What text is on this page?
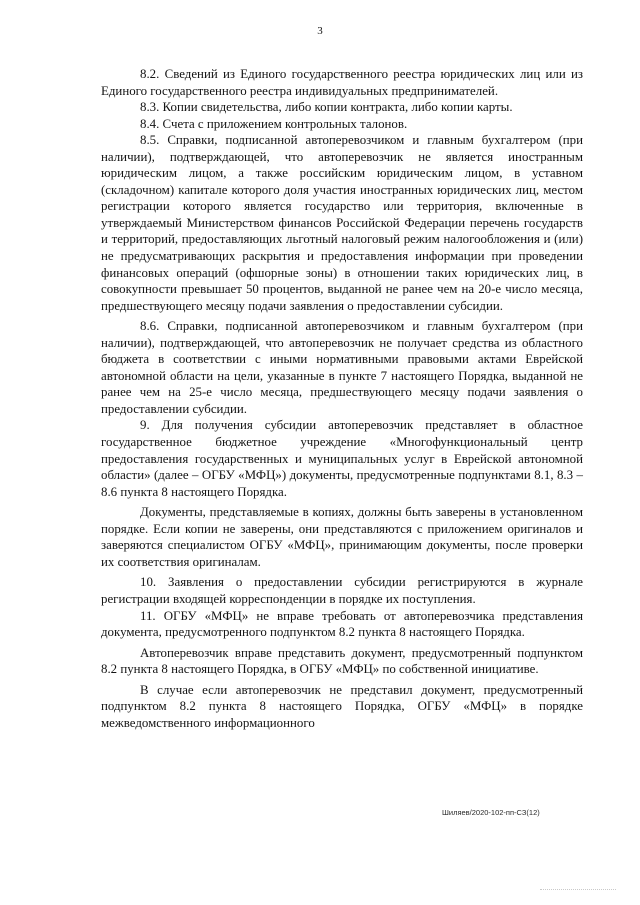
3

8.2. Сведений из Единого государственного реестра юридических лиц или из Единого государственного реестра индивидуальных предпринимателей.

8.3. Копии свидетельства, либо копии контракта, либо копии карты.

8.4. Счета с приложением контрольных талонов.

8.5. Справки, подписанной автоперевозчиком и главным бухгалтером (при наличии), подтверждающей, что автоперевозчик не является иностранным юридическим лицом, а также российским юридическим лицом, в уставном (складочном) капитале которого доля участия иностранных юридических лиц, местом регистрации которого является государство или территория, включенные в утверждаемый Министерством финансов Российской Федерации перечень государств и территорий, предоставляющих льготный налоговый режим налогообложения и (или) не предусматривающих раскрытия и предоставления информации при проведении финансовых операций (офшорные зоны) в отношении таких юридических лиц, в совокупности превышает 50 процентов, выданной не ранее чем на 20-е число месяца, предшествующего месяцу подачи заявления о предоставлении субсидии.

8.6. Справки, подписанной автоперевозчиком и главным бухгалтером (при наличии), подтверждающей, что автоперевозчик не получает средства из областного бюджета в соответствии с иными нормативными правовыми актами Еврейской автономной области на цели, указанные в пункте 7 настоящего Порядка, выданной не ранее чем на 25-е число месяца, предшествующего месяцу подачи заявления о предоставлении субсидии.

9. Для получения субсидии автоперевозчик представляет в областное государственное бюджетное учреждение «Многофункциональный центр предоставления государственных и муниципальных услуг в Еврейской автономной области» (далее – ОГБУ «МФЦ») документы, предусмотренные подпунктами 8.1, 8.3 – 8.6 пункта 8 настоящего Порядка.

Документы, представляемые в копиях, должны быть заверены в установленном порядке. Если копии не заверены, они представляются с приложением оригиналов и заверяются специалистом ОГБУ «МФЦ», принимающим документы, после проверки их соответствия оригиналам.

10. Заявления о предоставлении субсидии регистрируются в журнале регистрации входящей корреспонденции в порядке их поступления.

11. ОГБУ «МФЦ» не вправе требовать от автоперевозчика представления документа, предусмотренного подпунктом 8.2 пункта 8 настоящего Порядка.

Автоперевозчик вправе представить документ, предусмотренный подпунктом 8.2 пункта 8 настоящего Порядка, в ОГБУ «МФЦ» по собственной инициативе.

В случае если автоперевозчик не представил документ, предусмотренный подпунктом 8.2 пункта 8 настоящего Порядка, ОГБУ «МФЦ» в порядке межведомственного информационного

Шиляев/2020-102-пп-СЗ(12)
